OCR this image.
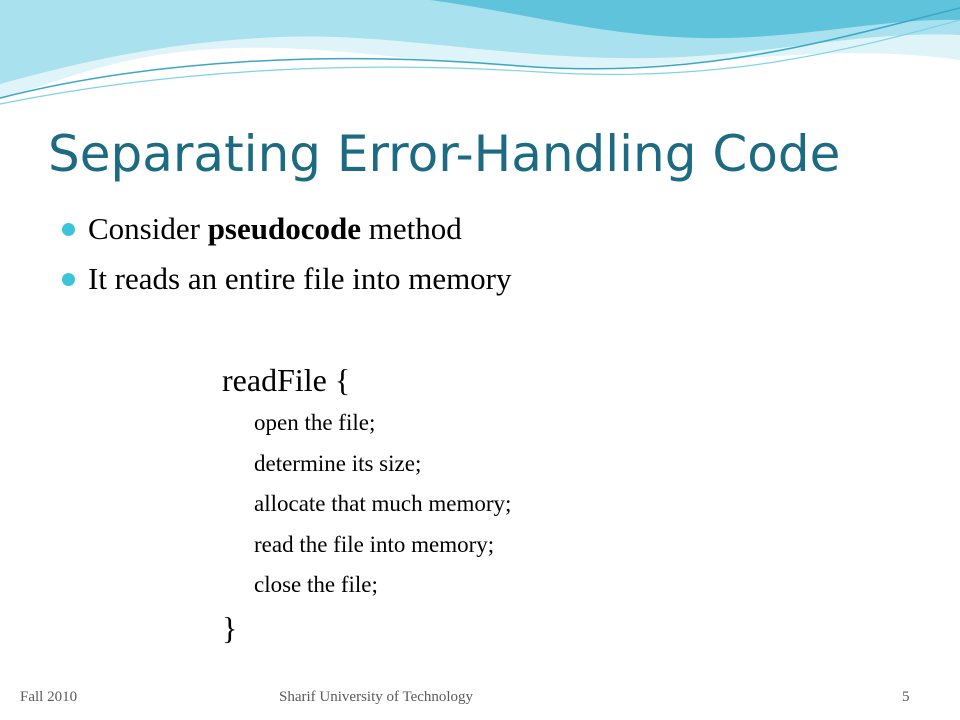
Separating Error-Handling Code
Consider pseudocode method
It reads an entire file into memory
readFile {
open the file;
determine its size;
allocate that much memory;
read the file into memory;
close the file;
}
Fall 2010	Sharif University of Technology	5
